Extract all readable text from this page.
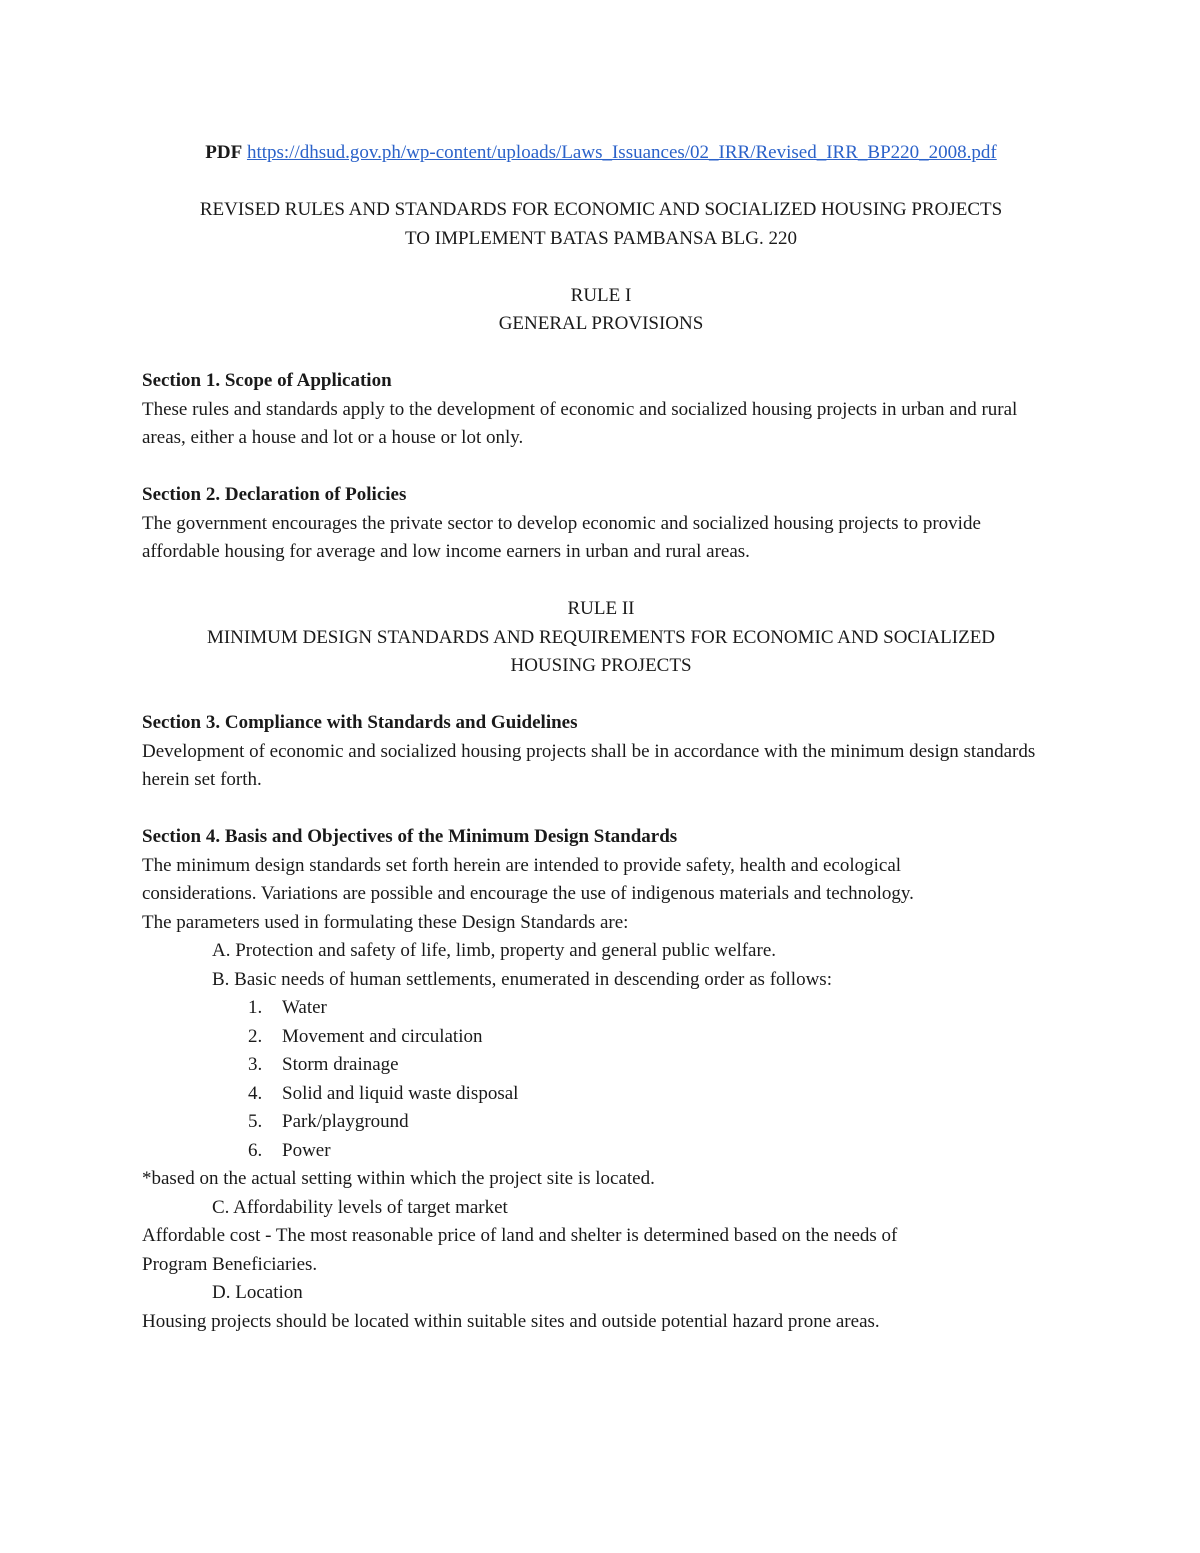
PDF https://dhsud.gov.ph/wp-content/uploads/Laws_Issuances/02_IRR/Revised_IRR_BP220_2008.pdf

REVISED RULES AND STANDARDS FOR ECONOMIC AND SOCIALIZED HOUSING PROJECTS

TO IMPLEMENT BATAS PAMBANSA BLG. 220

RULE I

GENERAL PROVISIONS

Section 1. Scope of Application

These rules and standards apply to the development of economic and socialized housing projects in urban and rural areas, either a house and lot or a house or lot only.

Section 2. Declaration of Policies

The government encourages the private sector to develop economic and socialized housing projects to provide affordable housing for average and low income earners in urban and rural areas.

RULE II

MINIMUM DESIGN STANDARDS AND REQUIREMENTS FOR ECONOMIC AND SOCIALIZED

HOUSING PROJECTS

Section 3. Compliance with Standards and Guidelines

Development of economic and socialized housing projects shall be in accordance with the minimum design standards herein set forth.

Section 4. Basis and Objectives of the Minimum Design Standards

The minimum design standards set forth herein are intended to provide safety, health and ecological

considerations. Variations are possible and encourage the use of indigenous materials and technology.

The parameters used in formulating these Design Standards are:

A. Protection and safety of life, limb, property and general public welfare.

B. Basic needs of human settlements, enumerated in descending order as follows:

1.	Water
2.	Movement and circulation
3.	Storm drainage
4.	Solid and liquid waste disposal
5.	Park/playground
6.	Power

*based on the actual setting within which the project site is located.

C. Affordability levels of target market

Affordable cost - The most reasonable price of land and shelter is determined based on the needs of

Program Beneficiaries.

D. Location

Housing projects should be located within suitable sites and outside potential hazard prone areas.
